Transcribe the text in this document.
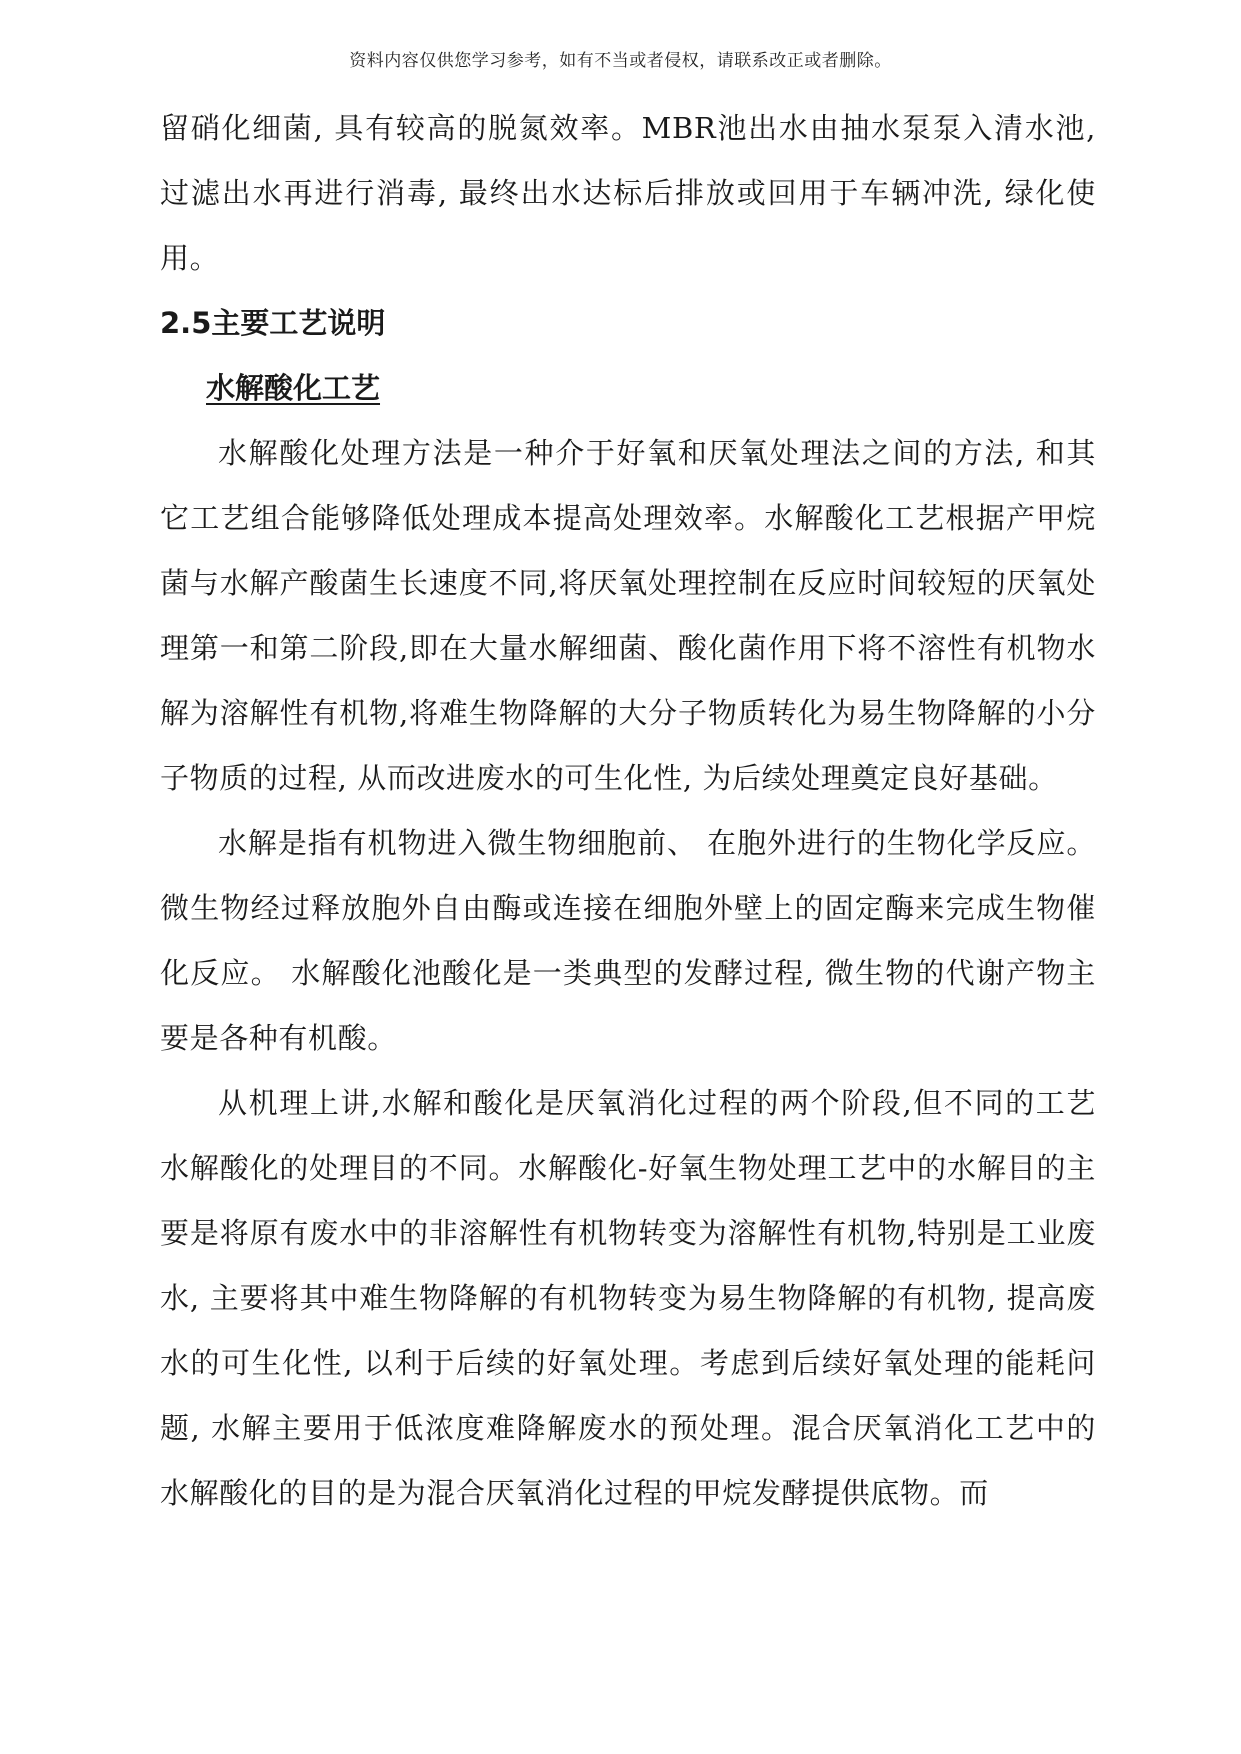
资料内容仅供您学习参考，如有不当或者侵权，请联系改正或者删除。

留硝化细菌, 具有较高的脱氮效率。MBR池出水由抽水泵泵入清水池, 过滤出水再进行消毒, 最终出水达标后排放或回用于车辆冲洗, 绿化使用。

2.5主要工艺说明
水解酸化工艺

水解酸化处理方法是一种介于好氧和厌氧处理法之间的方法, 和其它工艺组合能够降低处理成本提高处理效率。水解酸化工艺根据产甲烷菌与水解产酸菌生长速度不同,将厌氧处理控制在反应时间较短的厌氧处理第一和第二阶段,即在大量水解细菌、酸化菌作用下将不溶性有机物水解为溶解性有机物,将难生物降解的大分子物质转化为易生物降解的小分子物质的过程, 从而改进废水的可生化性, 为后续处理奠定良好基础。

水解是指有机物进入微生物细胞前、 在胞外进行的生物化学反应。微生物经过释放胞外自由酶或连接在细胞外壁上的固定酶来完成生物催化反应。 水解酸化池酸化是一类典型的发酵过程, 微生物的代谢产物主要是各种有机酸。

从机理上讲,水解和酸化是厌氧消化过程的两个阶段,但不同的工艺水解酸化的处理目的不同。水解酸化-好氧生物处理工艺中的水解目的主要是将原有废水中的非溶解性有机物转变为溶解性有机物,特别是工业废水, 主要将其中难生物降解的有机物转变为易生物降解的有机物, 提高废水的可生化性, 以利于后续的好氧处理。考虑到后续好氧处理的能耗问题, 水解主要用于低浓度难降解废水的预处理。混合厌氧消化工艺中的水解酸化的目的是为混合厌氧消化过程的甲烷发酵提供底物。而
